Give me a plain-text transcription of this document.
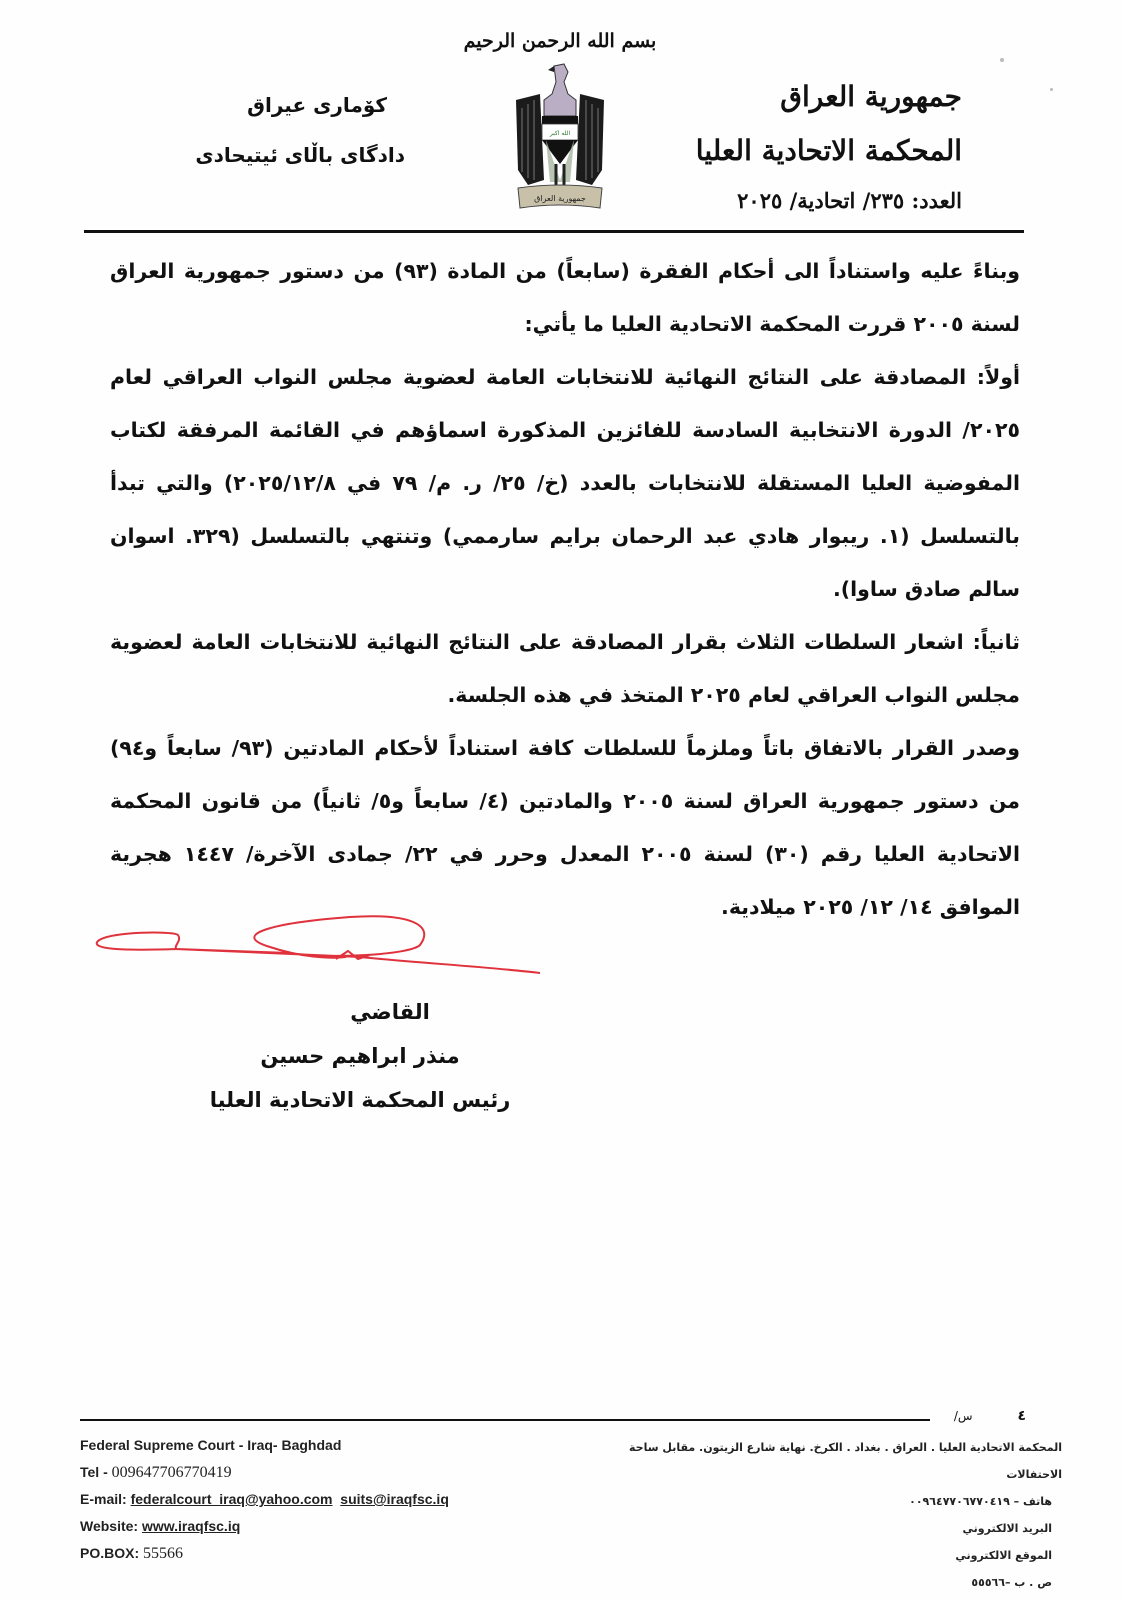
بسم الله الرحمن الرحيم
جمهورية العراق
المحكمة الاتحادية العليا
العدد: ٢٣٥/ اتحادية/ ٢٠٢٥
الله اكبر
جمهورية العراق
كۆمارى عيراق
دادگاى باڵاى ئيتيحادى

وبناءً عليه واستناداً الى أحكام الفقرة (سابعاً) من المادة (٩٣) من دستور جمهورية العراق لسنة ٢٠٠٥ قررت المحكمة الاتحادية العليا ما يأتي:

أولاً: المصادقة على النتائج النهائية للانتخابات العامة لعضوية مجلس النواب العراقي لعام ٢٠٢٥/ الدورة الانتخابية السادسة للفائزين المذكورة اسماؤهم في القائمة المرفقة لكتاب المفوضية العليا المستقلة للانتخابات بالعدد (خ/ ٢٥/ ر. م/ ٧٩ في ٢٠٢٥/١٢/٨) والتي تبدأ بالتسلسل (١. ريبوار هادي عبد الرحمان برايم سارممي) وتنتهي بالتسلسل (٣٢٩. اسوان سالم صادق ساوا).

ثانياً: اشعار السلطات الثلاث بقرار المصادقة على النتائج النهائية للانتخابات العامة لعضوية مجلس النواب العراقي لعام ٢٠٢٥ المتخذ في هذه الجلسة.

وصدر القرار بالاتفاق باتاً وملزماً للسلطات كافة استناداً لأحكام المادتين (٩٣/ سابعاً و٩٤) من دستور جمهورية العراق لسنة ٢٠٠٥ والمادتين (٤/ سابعاً و٥/ ثانياً) من قانون المحكمة الاتحادية العليا رقم (٣٠) لسنة ٢٠٠٥ المعدل وحرر في ٢٢/ جمادى الآخرة/ ١٤٤٧ هجرية الموافق ١٤/ ١٢/ ٢٠٢٥ ميلادية.

القاضي
منذر ابراهيم حسين
رئيس المحكمة الاتحادية العليا
٤ س/
Federal Supreme Court - Iraq- Baghdad
Tel - 009647706770419
E-mail: federalcourt_iraq@yahoo.com suits@iraqfsc.iq
Website: www.iraqfsc.iq
PO.BOX: 55566
المحكمة الاتحادية العليا . العراق . بغداد . الكرخ. نهاية شارع الزيتون. مقابل ساحة الاحتفالات
هاتف – ٠٠٩٦٤٧٧٠٦٧٧٠٤١٩
البريد الالكتروني
الموقع الالكتروني
ص . ب –٥٥٥٦٦
